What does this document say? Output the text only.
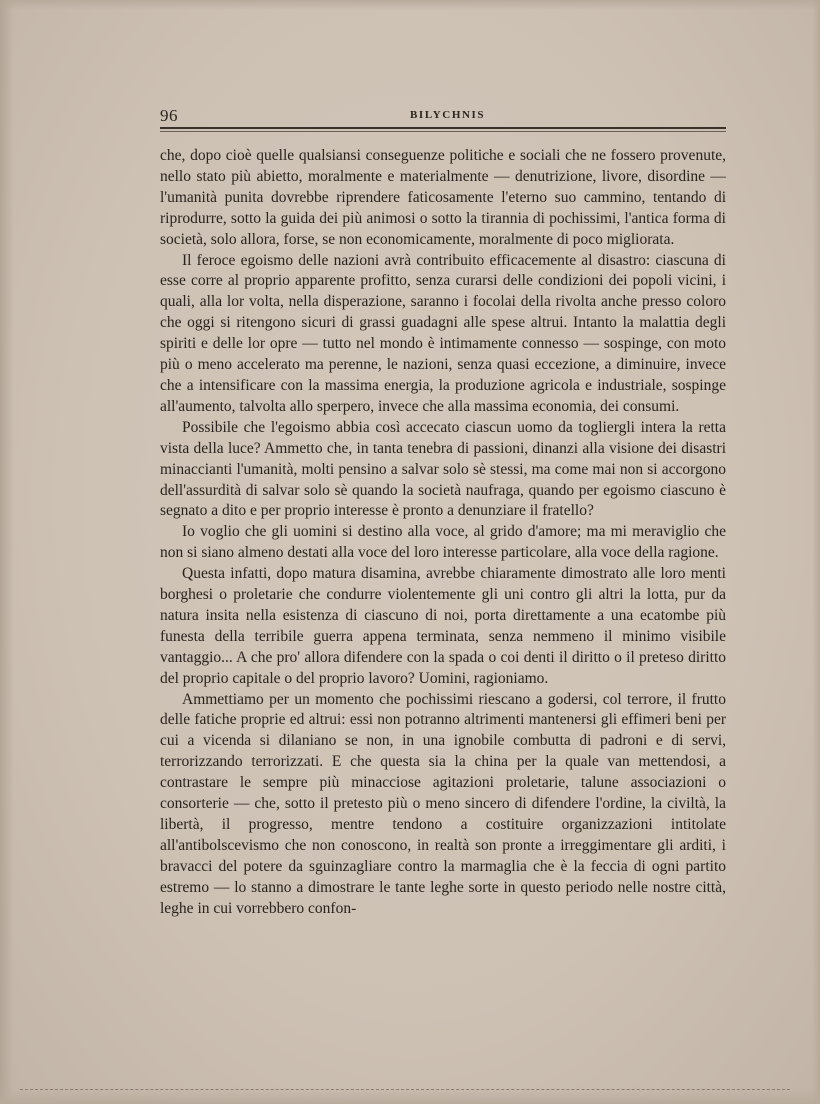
96	BILYCHNIS

che, dopo cioè quelle qualsiansi conseguenze politiche e sociali che ne fossero provenute, nello stato più abietto, moralmente e materialmente — denutrizione, livore, disordine — l'umanità punita dovrebbe riprendere faticosamente l'eterno suo cammino, tentando di riprodurre, sotto la guida dei più animosi o sotto la tirannia di pochissimi, l'antica forma di società, solo allora, forse, se non economicamente, moralmente di poco migliorata.

Il feroce egoismo delle nazioni avrà contribuito efficacemente al disastro: ciascuna di esse corre al proprio apparente profitto, senza curarsi delle condizioni dei popoli vicini, i quali, alla lor volta, nella disperazione, saranno i focolai della rivolta anche presso coloro che oggi si ritengono sicuri di grassi guadagni alle spese altrui. Intanto la malattia degli spiriti e delle lor opre — tutto nel mondo è intimamente connesso — sospinge, con moto più o meno accelerato ma perenne, le nazioni, senza quasi eccezione, a diminuire, invece che a intensificare con la massima energia, la produzione agricola e industriale, sospinge all'aumento, talvolta allo sperpero, invece che alla massima economia, dei consumi.

Possibile che l'egoismo abbia così accecato ciascun uomo da togliergli intera la retta vista della luce? Ammetto che, in tanta tenebra di passioni, dinanzi alla visione dei disastri minaccianti l'umanità, molti pensino a salvar solo sè stessi, ma come mai non si accorgono dell'assurdità di salvar solo sè quando la società naufraga, quando per egoismo ciascuno è segnato a dito e per proprio interesse è pronto a denunziare il fratello?

Io voglio che gli uomini si destino alla voce, al grido d'amore; ma mi meraviglio che non si siano almeno destati alla voce del loro interesse particolare, alla voce della ragione.

Questa infatti, dopo matura disamina, avrebbe chiaramente dimostrato alle loro menti borghesi o proletarie che condurre violentemente gli uni contro gli altri la lotta, pur da natura insita nella esistenza di ciascuno di noi, porta direttamente a una ecatombe più funesta della terribile guerra appena terminata, senza nemmeno il minimo visibile vantaggio... A che pro' allora difendere con la spada o coi denti il diritto o il preteso diritto del proprio capitale o del proprio lavoro? Uomini, ragioniamo.

Ammettiamo per un momento che pochissimi riescano a godersi, col terrore, il frutto delle fatiche proprie ed altrui: essi non potranno altrimenti mantenersi gli effimeri beni per cui a vicenda si dilaniano se non, in una ignobile combutta di padroni e di servi, terrorizzando terrorizzati. E che questa sia la china per la quale van mettendosi, a contrastare le sempre più minacciose agitazioni proletarie, talune associazioni o consorterie — che, sotto il pretesto più o meno sincero di difendere l'ordine, la civiltà, la libertà, il progresso, mentre tendono a costituire organizzazioni intitolate all'antibolscevismo che non conoscono, in realtà son pronte a irreggimentare gli arditi, i bravacci del potere da sguinzagliare contro la marmaglia che è la feccia di ogni partito estremo — lo stanno a dimostrare le tante leghe sorte in questo periodo nelle nostre città, leghe in cui vorrebbero confon-
